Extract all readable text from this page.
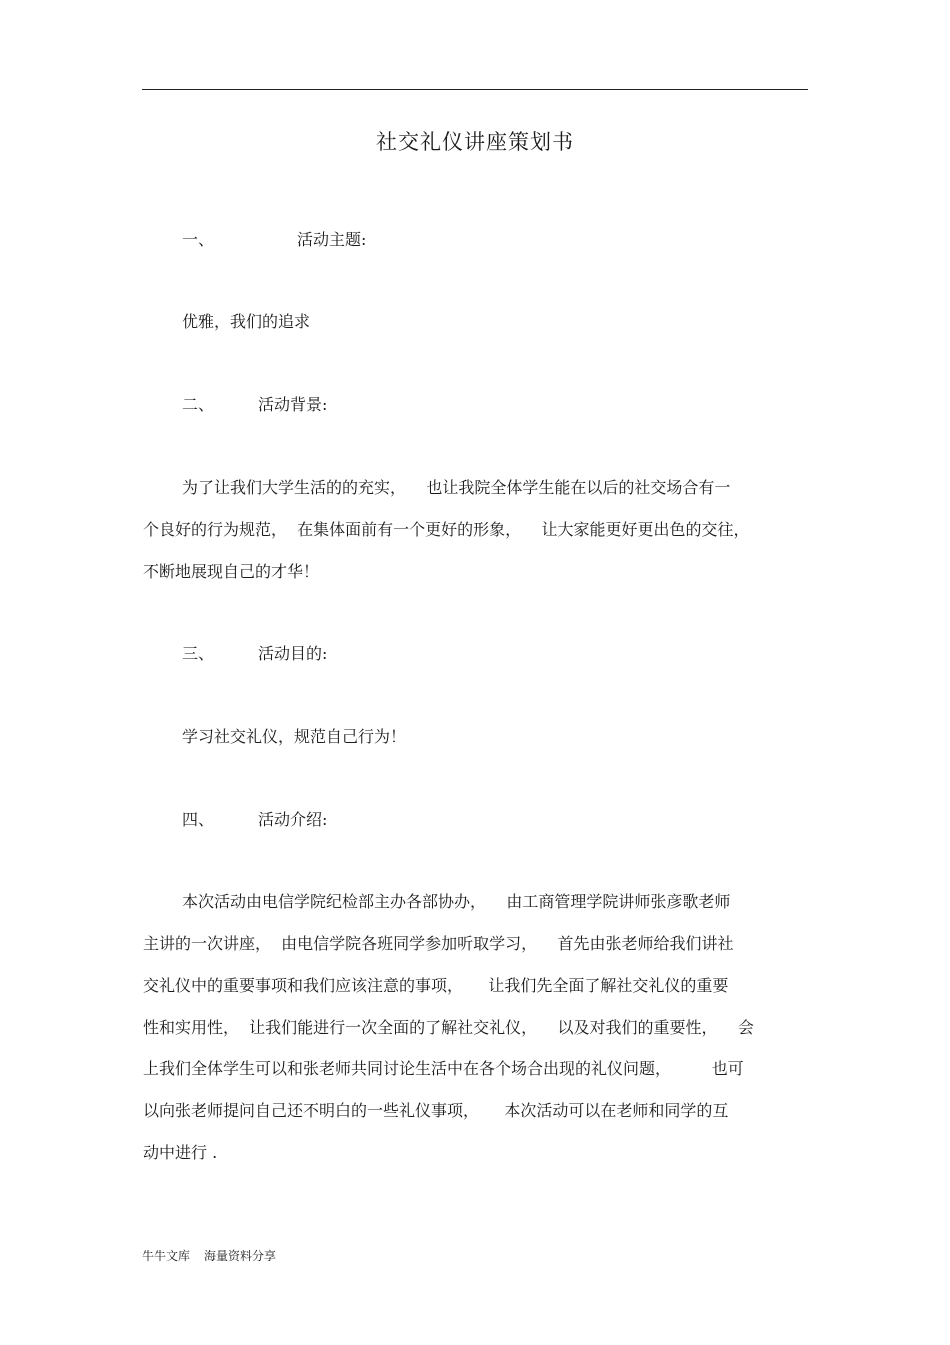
社交礼仪讲座策划书
一、	活动主题:
优雅，我们的追求
二、	活动背景:
为了让我们大学生活的的充实，    也让我院全体学生能在以后的社交场合有一
个良好的行为规范，  在集体面前有一个更好的形象，    让大家能更好更出色的交往，
不断地展现自己的才华！
三、	活动目的:
学习社交礼仪，规范自己行为！
四、	活动介绍:
本次活动由电信学院纪检部主办各部协办，    由工商管理学院讲师张彦歌老师
主讲的一次讲座，  由电信学院各班同学参加听取学习，    首先由张老师给我们讲社
交礼仪中的重要事项和我们应该注意的事项，     让我们先全面了解社交礼仪的重要
性和实用性，  让我们能进行一次全面的了解社交礼仪，    以及对我们的重要性，    会
上我们全体学生可以和张老师共同讨论生活中在各个场合出现的礼仪问题，        也可
以向张老师提问自己还不明白的一些礼仪事项，     本次活动可以在老师和同学的互
动中进行 .
牛牛文库 海量资料分享
